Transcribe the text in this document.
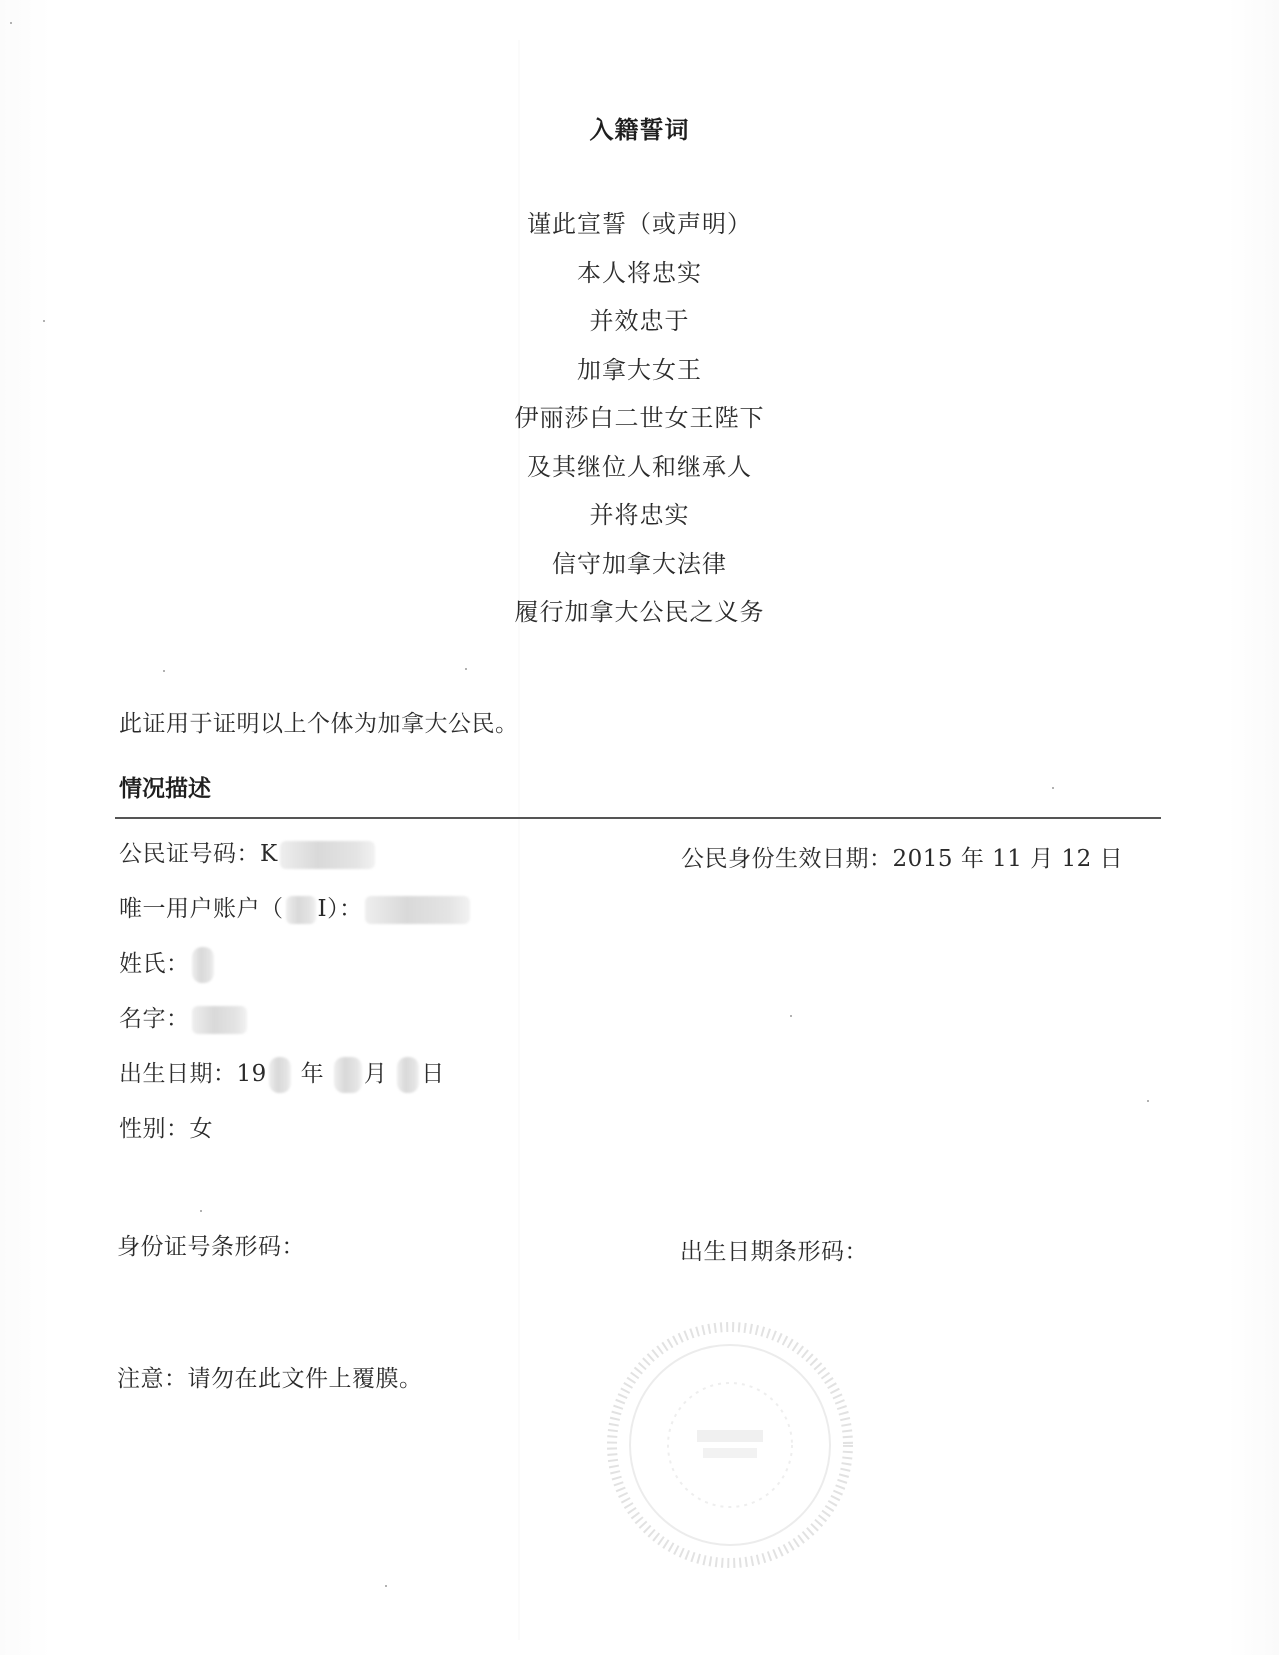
入籍誓词
谨此宣誓（或声明）
本人将忠实
并效忠于
加拿大女王
伊丽莎白二世女王陛下
及其继位人和继承人
并将忠实
信守加拿大法律
履行加拿大公民之义务
此证用于证明以上个体为加拿大公民。
情况描述
公民证号码：K	公民身份生效日期：2015 年 11 月 12 日
唯一用户账户（ I）：
姓氏：
名字：
出生日期：19 年 月 日
性别：女
身份证号条形码：	出生日期条形码：
注意：请勿在此文件上覆膜。
